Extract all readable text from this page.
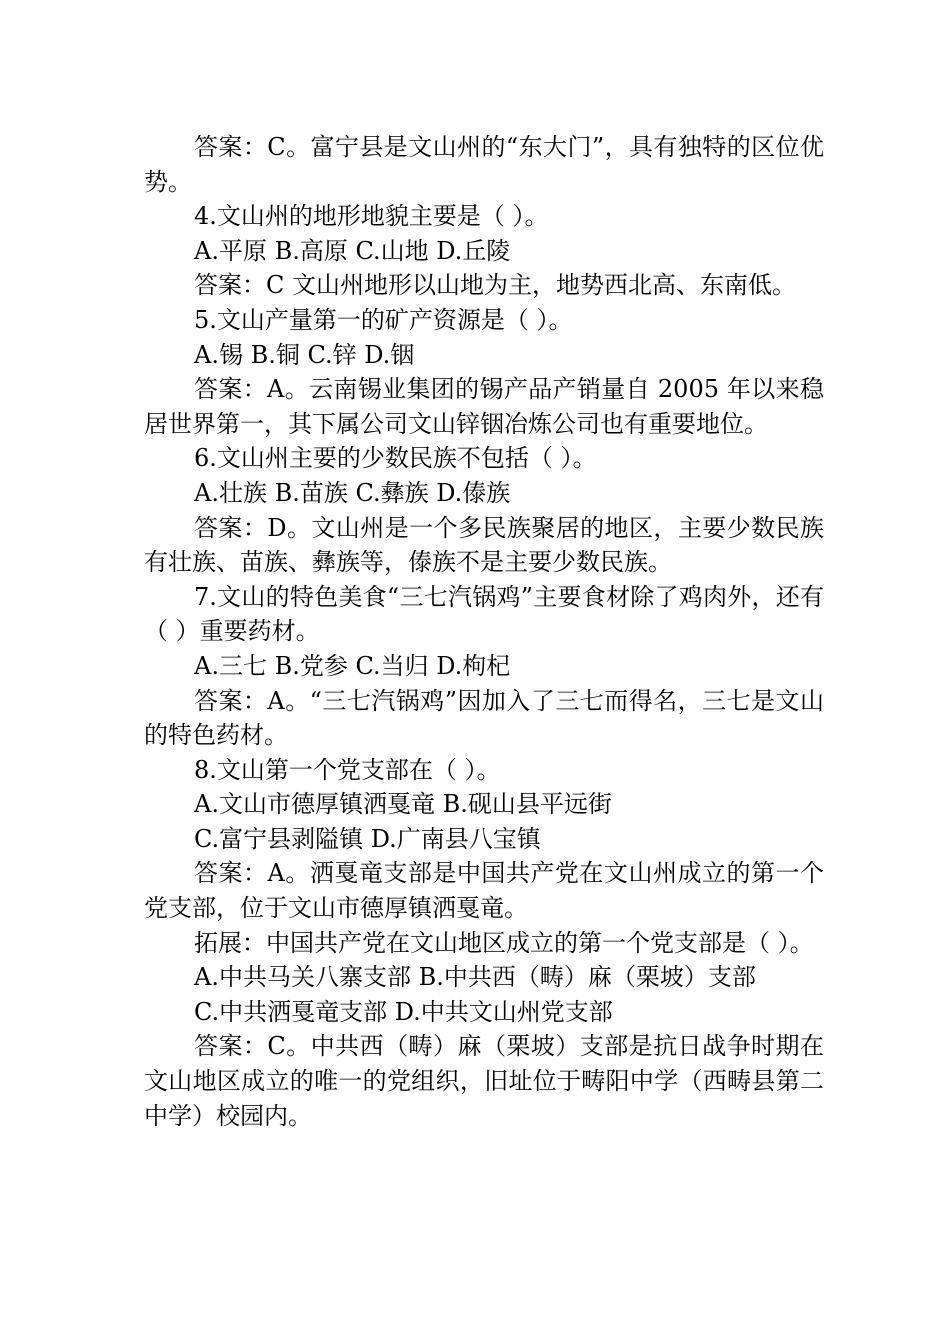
答案：C。富宁县是文山州的“东大门”，具有独特的区位优势。

4.文山州的地形地貌主要是（ ）。

A.平原 B.高原 C.山地 D.丘陵

答案：C 文山州地形以山地为主，地势西北高、东南低。

5.文山产量第一的矿产资源是（ ）。

A.锡 B.铜 C.锌 D.铟

答案：A。云南锡业集团的锡产品产销量自 2005 年以来稳居世界第一，其下属公司文山锌铟冶炼公司也有重要地位。

6.文山州主要的少数民族不包括（ ）。

A.壮族 B.苗族 C.彝族 D.傣族

答案：D。文山州是一个多民族聚居的地区，主要少数民族有壮族、苗族、彝族等，傣族不是主要少数民族。

7.文山的特色美食“三七汽锅鸡”主要食材除了鸡肉外，还有（ ）重要药材。

A.三七 B.党参 C.当归 D.枸杞

答案：A。“三七汽锅鸡”因加入了三七而得名，三七是文山的特色药材。

8.文山第一个党支部在（ ）。

A.文山市德厚镇洒戛竜 B.砚山县平远街

C.富宁县剥隘镇 D.广南县八宝镇

答案：A。洒戛竜支部是中国共产党在文山州成立的第一个党支部，位于文山市德厚镇洒戛竜。

拓展：中国共产党在文山地区成立的第一个党支部是（ ）。

A.中共马关八寨支部 B.中共西（畴）麻（栗坡）支部

C.中共洒戛竜支部 D.中共文山州党支部

答案：C。中共西（畴）麻（栗坡）支部是抗日战争时期在文山地区成立的唯一的党组织，旧址位于畴阳中学（西畴县第二中学）校园内。
